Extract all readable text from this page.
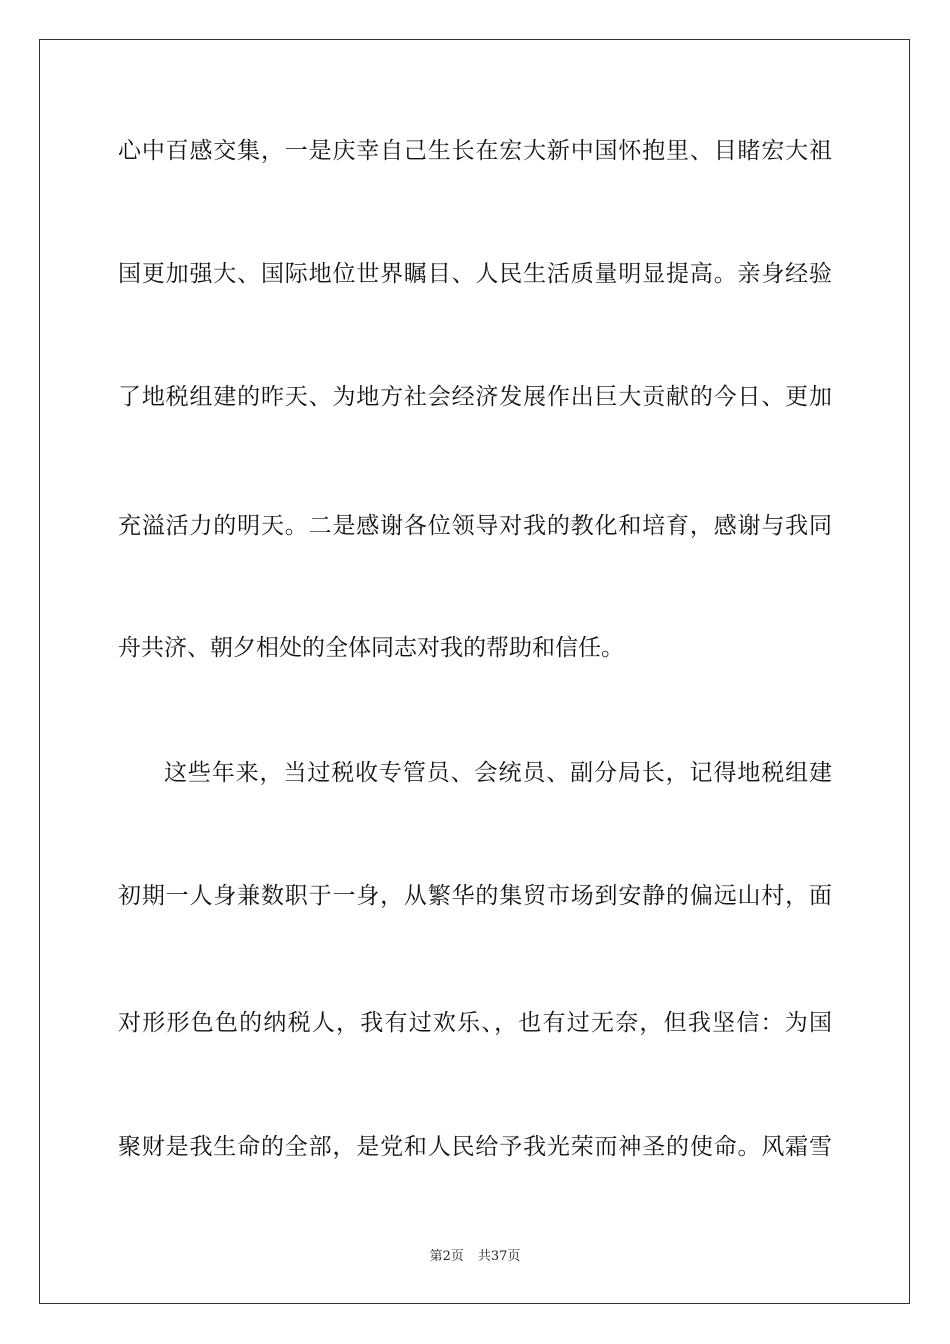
心中百感交集，一是庆幸自己生长在宏大新中国怀抱里、目睹宏大祖
国更加强大、国际地位世界瞩目、人民生活质量明显提高。亲身经验
了地税组建的昨天、为地方社会经济发展作出巨大贡献的今日、更加
充溢活力的明天。二是感谢各位领导对我的教化和培育，感谢与我同
舟共济、朝夕相处的全体同志对我的帮助和信任。
这些年来，当过税收专管员、会统员、副分局长，记得地税组建
初期一人身兼数职于一身，从繁华的集贸市场到安静的偏远山村，面
对形形色色的纳税人，我有过欢乐、，也有过无奈，但我坚信：为国
聚财是我生命的全部，是党和人民给予我光荣而神圣的使命。风霜雪
第2页 共37页
